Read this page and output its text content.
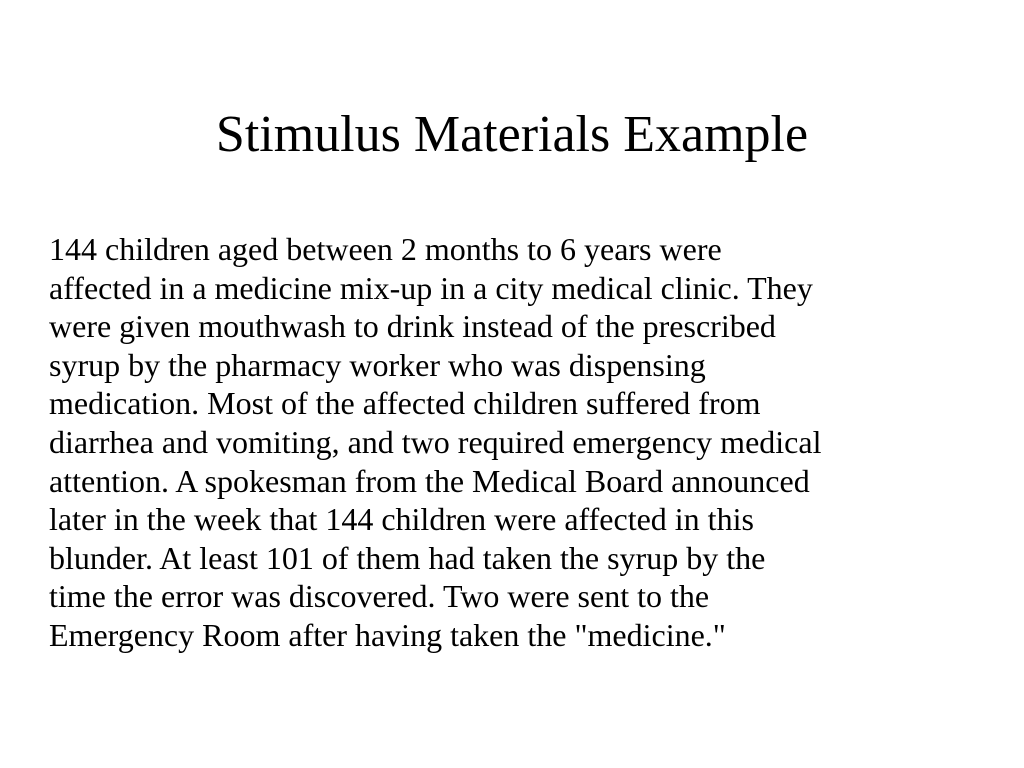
Stimulus Materials Example

144 children aged between 2 months to 6 years were
affected in a medicine mix-up in a city medical clinic. They
were given mouthwash to drink instead of the prescribed
syrup by the pharmacy worker who was dispensing
medication. Most of the affected children suffered from
diarrhea and vomiting, and two required emergency medical
attention. A spokesman from the Medical Board announced
later in the week that 144 children were affected in this
blunder. At least 101 of them had taken the syrup by the
time the error was discovered. Two were sent to the
Emergency Room after having taken the "medicine."
